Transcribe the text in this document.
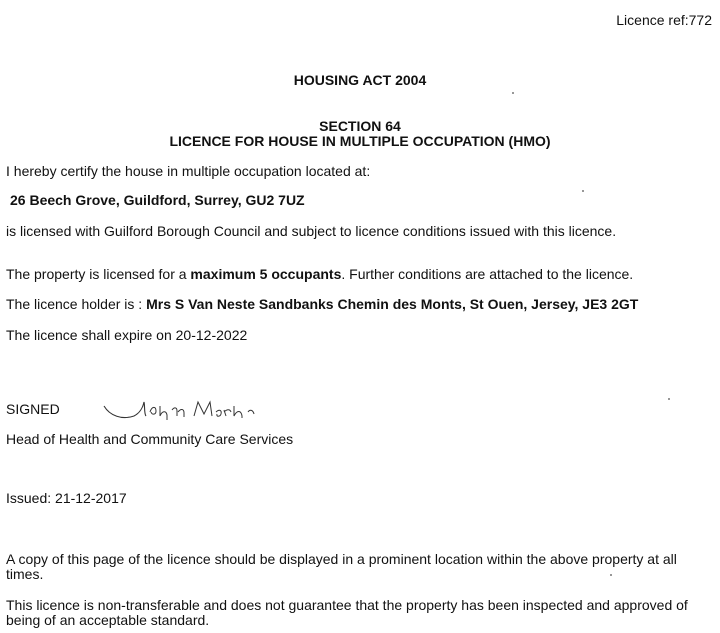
Licence ref:772
HOUSING ACT 2004
SECTION 64
LICENCE FOR HOUSE IN MULTIPLE OCCUPATION (HMO)
I hereby certify the house in multiple occupation located at:
26 Beech Grove, Guildford, Surrey, GU2 7UZ
is licensed with Guilford Borough Council and subject to licence conditions issued with this licence.
The property is licensed for a maximum 5 occupants. Further conditions are attached to the licence.
The licence holder is : Mrs S Van Neste Sandbanks Chemin des Monts, St Ouen, Jersey, JE3 2GT
The licence shall expire on 20-12-2022
SIGNED
Head of Health and Community Care Services
Issued: 21-12-2017
A copy of this page of the licence should be displayed in a prominent location within the above property at all times.
This licence is non-transferable and does not guarantee that the property has been inspected and approved of being of an acceptable standard.
